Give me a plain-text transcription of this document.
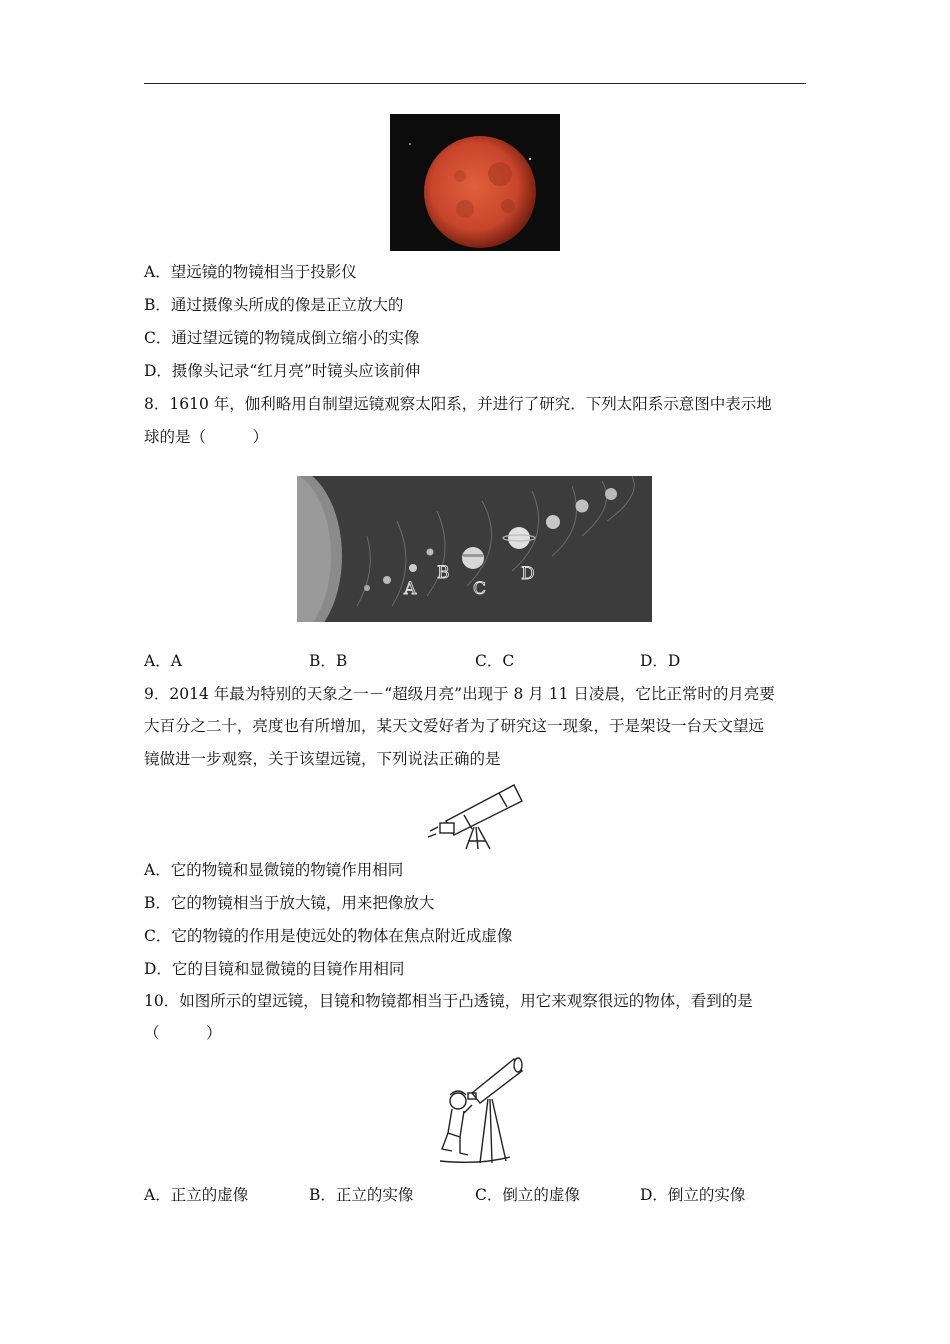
A．望远镜的物镜相当于投影仪
B．通过摄像头所成的像是正立放大的
C．通过望远镜的物镜成倒立缩小的实像
D．摄像头记录“红月亮”时镜头应该前伸
8．1610 年，伽利略用自制望远镜观察太阳系，并进行了研究．下列太阳系示意图中表示地
球的是（　　　）
A
B
C
D
A．A	B．B	C．C	D．D
9．2014 年最为特别的天象之一－“超级月亮”出现于 8 月 11 日凌晨，它比正常时的月亮要
大百分之二十，亮度也有所增加，某天文爱好者为了研究这一现象，于是架设一台天文望远
镜做进一步观察，关于该望远镜，下列说法正确的是
A．它的物镜和显微镜的物镜作用相同
B．它的物镜相当于放大镜，用来把像放大
C．它的物镜的作用是使远处的物体在焦点附近成虚像
D．它的目镜和显微镜的目镜作用相同
10．如图所示的望远镜，目镜和物镜都相当于凸透镜，用它来观察很远的物体，看到的是
（　　　）
A．正立的虚像	B．正立的实像	C．倒立的虚像	D．倒立的实像
